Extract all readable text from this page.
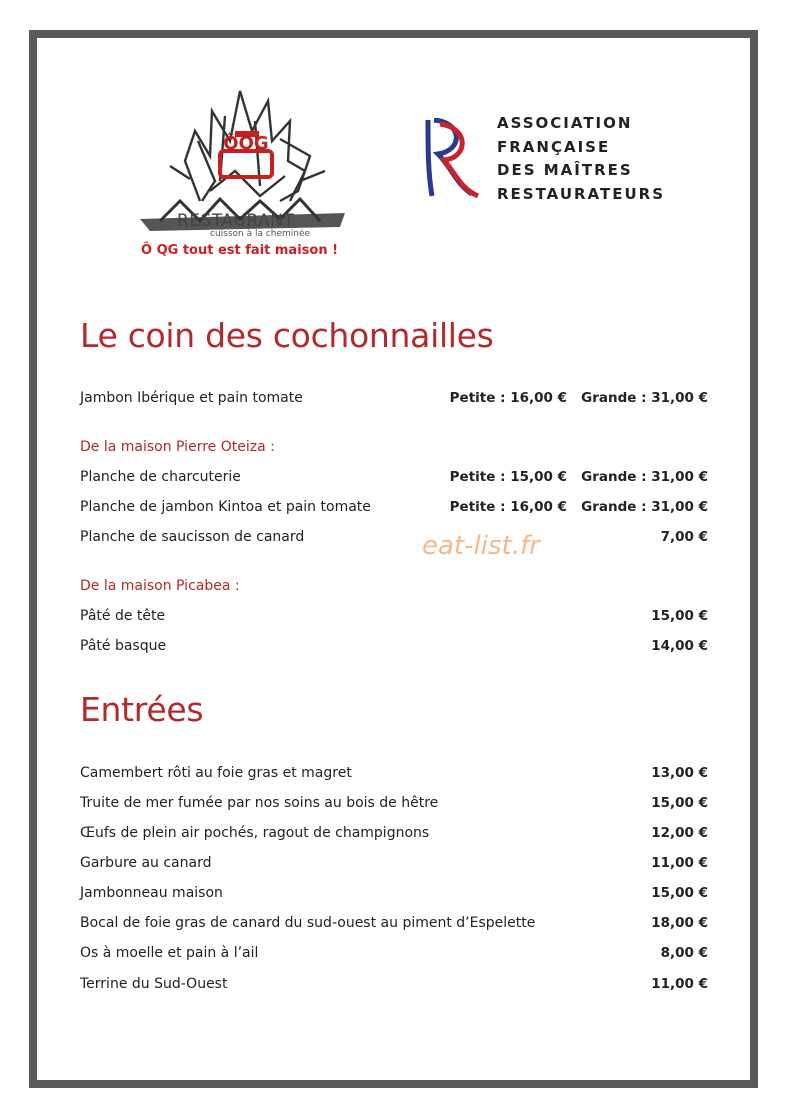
ÔQG
RESTAURANT
cuisson à la cheminée
Ô QG tout est fait maison !
ASSOCIATION
FRANÇAISE
DES MAÎTRES
RESTAURATEURS
Le coin des cochonnailles
Jambon Ibérique et pain tomate	Petite : 16,00 € Grande : 31,00 €
De la maison Pierre Oteiza :
Planche de charcuterie	Petite : 15,00 € Grande : 31,00 €
Planche de jambon Kintoa et pain tomate	Petite : 16,00 € Grande : 31,00 €
Planche de saucisson de canard	7,00 €
eat-list.fr
De la maison Picabea :
Pâté de tête	15,00 €
Pâté basque	14,00 €
Entrées
Camembert rôti au foie gras et magret	13,00 €
Truite de mer fumée par nos soins au bois de hêtre	15,00 €
Œufs de plein air pochés, ragout de champignons	12,00 €
Garbure au canard	11,00 €
Jambonneau maison	15,00 €
Bocal de foie gras de canard du sud-ouest au piment d’Espelette	18,00 €
Os à moelle et pain à l’ail	8,00 €
Terrine du Sud-Ouest	11,00 €
